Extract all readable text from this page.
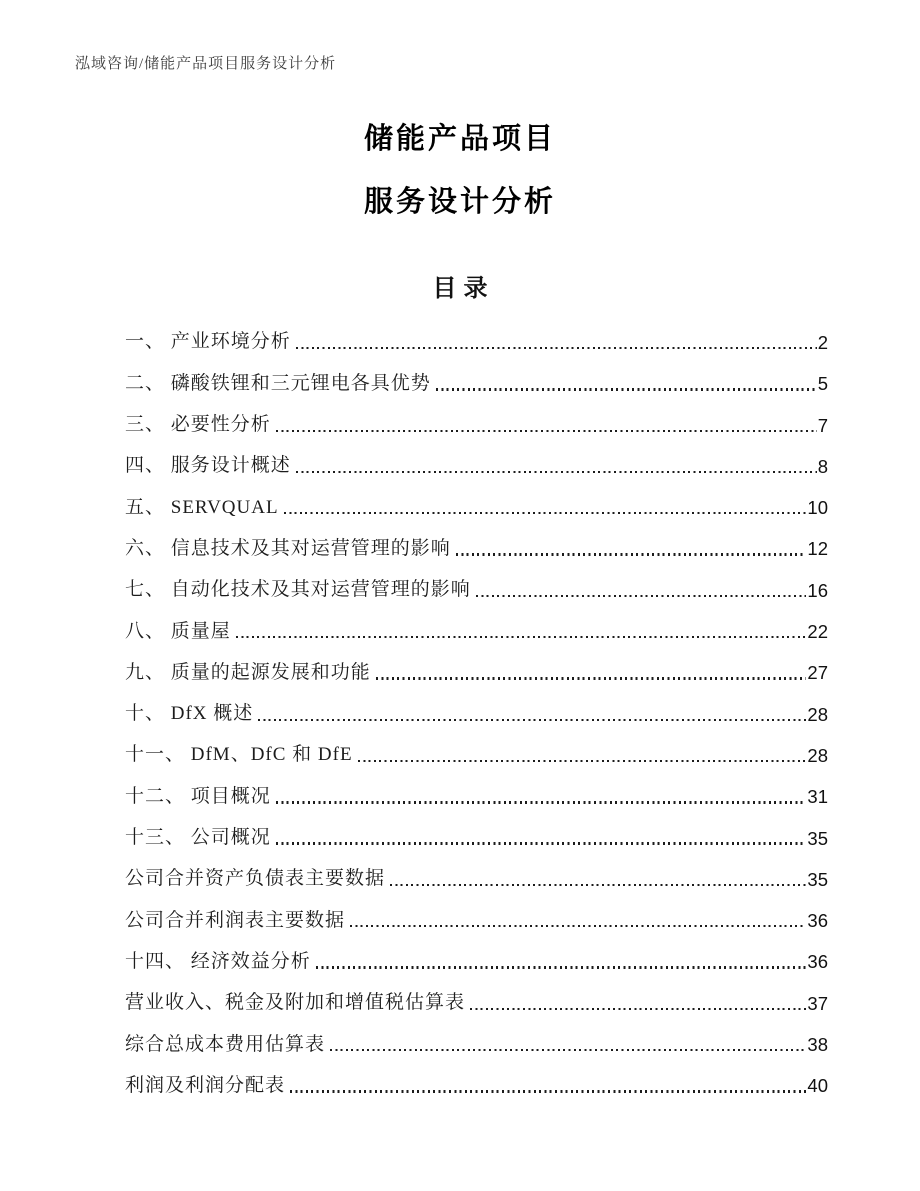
泓域咨询/储能产品项目服务设计分析
储能产品项目
服务设计分析
目录
一、 产业环境分析	2
二、 磷酸铁锂和三元锂电各具优势	5
三、 必要性分析	7
四、 服务设计概述	8
五、 SERVQUAL	10
六、 信息技术及其对运营管理的影响	12
七、 自动化技术及其对运营管理的影响	16
八、 质量屋	22
九、 质量的起源发展和功能	27
十、 DfX 概述	28
十一、 DfM、DfC 和 DfE	28
十二、 项目概况	31
十三、 公司概况	35
公司合并资产负债表主要数据	35
公司合并利润表主要数据	36
十四、 经济效益分析	36
营业收入、税金及附加和增值税估算表	37
综合总成本费用估算表	38
利润及利润分配表	40
